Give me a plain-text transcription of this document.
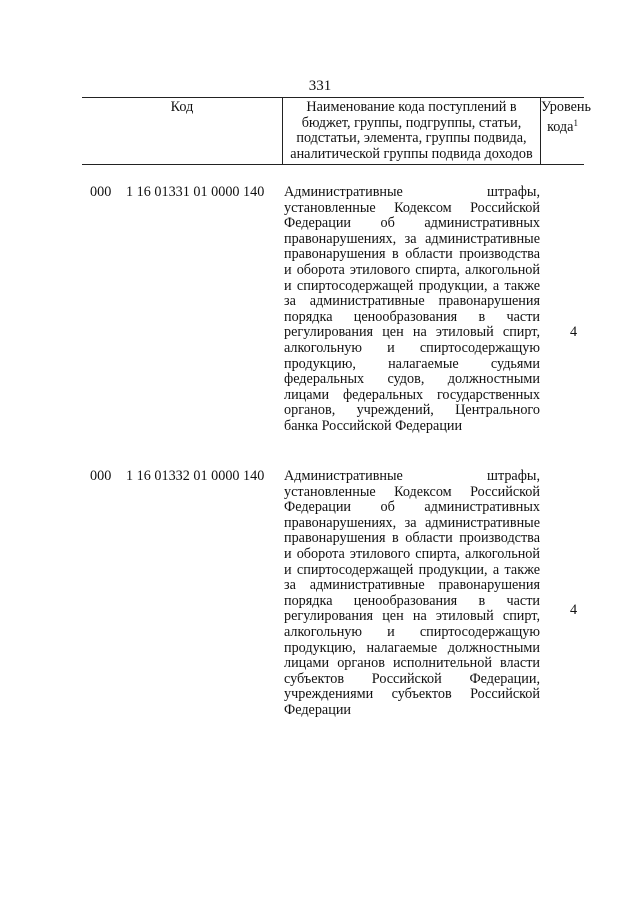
331
Код	Наименование кода поступлений в бюджет, группы, подгруппы, статьи, подстатьи, элемента, группы подвида, аналитической группы подвида доходов
Уровень кода$^1$
000 1 16 01331 01 0000 140 Административные штрафы, установленные Кодексом Российской Федерации об административных правонарушениях, за административные правонарушения в области производства и оборота этилового спирта, алкогольной и спиртосодержащей продукции, а также за административные правонарушения порядка ценообразования в части регулирования цен на этиловый спирт, алкогольную и спиртосодержащую продукцию, налагаемые судьями федеральных судов, должностными лицами федеральных государственных органов, учреждений, Центрального банка Российской Федерации
4
000 1 16 01332 01 0000 140 Административные штрафы, установленные Кодексом Российской Федерации об административных правонарушениях, за административные правонарушения в области производства и оборота этилового спирта, алкогольной и спиртосодержащей продукции, а также за административные правонарушения порядка ценообразования в части регулирования цен на этиловый спирт, алкогольную и спиртосодержащую продукцию, налагаемые должностными лицами органов исполнительной власти субъектов Российской Федерации, учреждениями субъектов Российской Федерации
4
